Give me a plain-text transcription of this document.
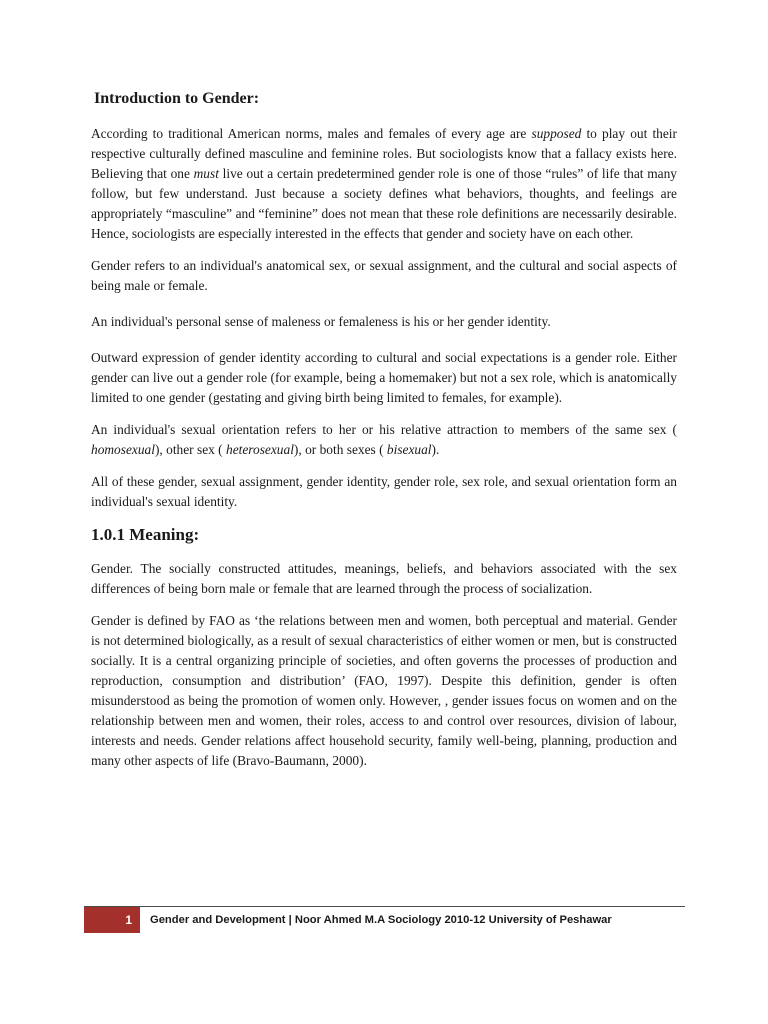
Introduction to Gender:

According to traditional American norms, males and females of every age are supposed to play out their respective culturally defined masculine and feminine roles. But sociologists know that a fallacy exists here. Believing that one must live out a certain predetermined gender role is one of those “rules” of life that many follow, but few understand. Just because a society defines what behaviors, thoughts, and feelings are appropriately “masculine” and “feminine” does not mean that these role definitions are necessarily desirable. Hence, sociologists are especially interested in the effects that gender and society have on each other.

Gender refers to an individual's anatomical sex, or sexual assignment, and the cultural and social aspects of being male or female.

An individual's personal sense of maleness or femaleness is his or her gender identity.

Outward expression of gender identity according to cultural and social expectations is a gender role. Either gender can live out a gender role (for example, being a homemaker) but not a sex role, which is anatomically limited to one gender (gestating and giving birth being limited to females, for example).

An individual's sexual orientation refers to her or his relative attraction to members of the same sex ( homosexual), other sex ( heterosexual), or both sexes ( bisexual).

All of these gender, sexual assignment, gender identity, gender role, sex role, and sexual orientation form an individual's sexual identity.

1.0.1 Meaning:

Gender. The socially constructed attitudes, meanings, beliefs, and behaviors associated with the sex differences of being born male or female that are learned through the process of socialization.

Gender is defined by FAO as ‘the relations between men and women, both perceptual and material. Gender is not determined biologically, as a result of sexual characteristics of either women or men, but is constructed socially. It is a central organizing principle of societies, and often governs the processes of production and reproduction, consumption and distribution’ (FAO, 1997). Despite this definition, gender is often misunderstood as being the promotion of women only. However, , gender issues focus on women and on the relationship between men and women, their roles, access to and control over resources, division of labour, interests and needs. Gender relations affect household security, family well-being, planning, production and many other aspects of life (Bravo-Baumann, 2000).

1	Gender and Development | Noor Ahmed M.A Sociology 2010-12 University of Peshawar
